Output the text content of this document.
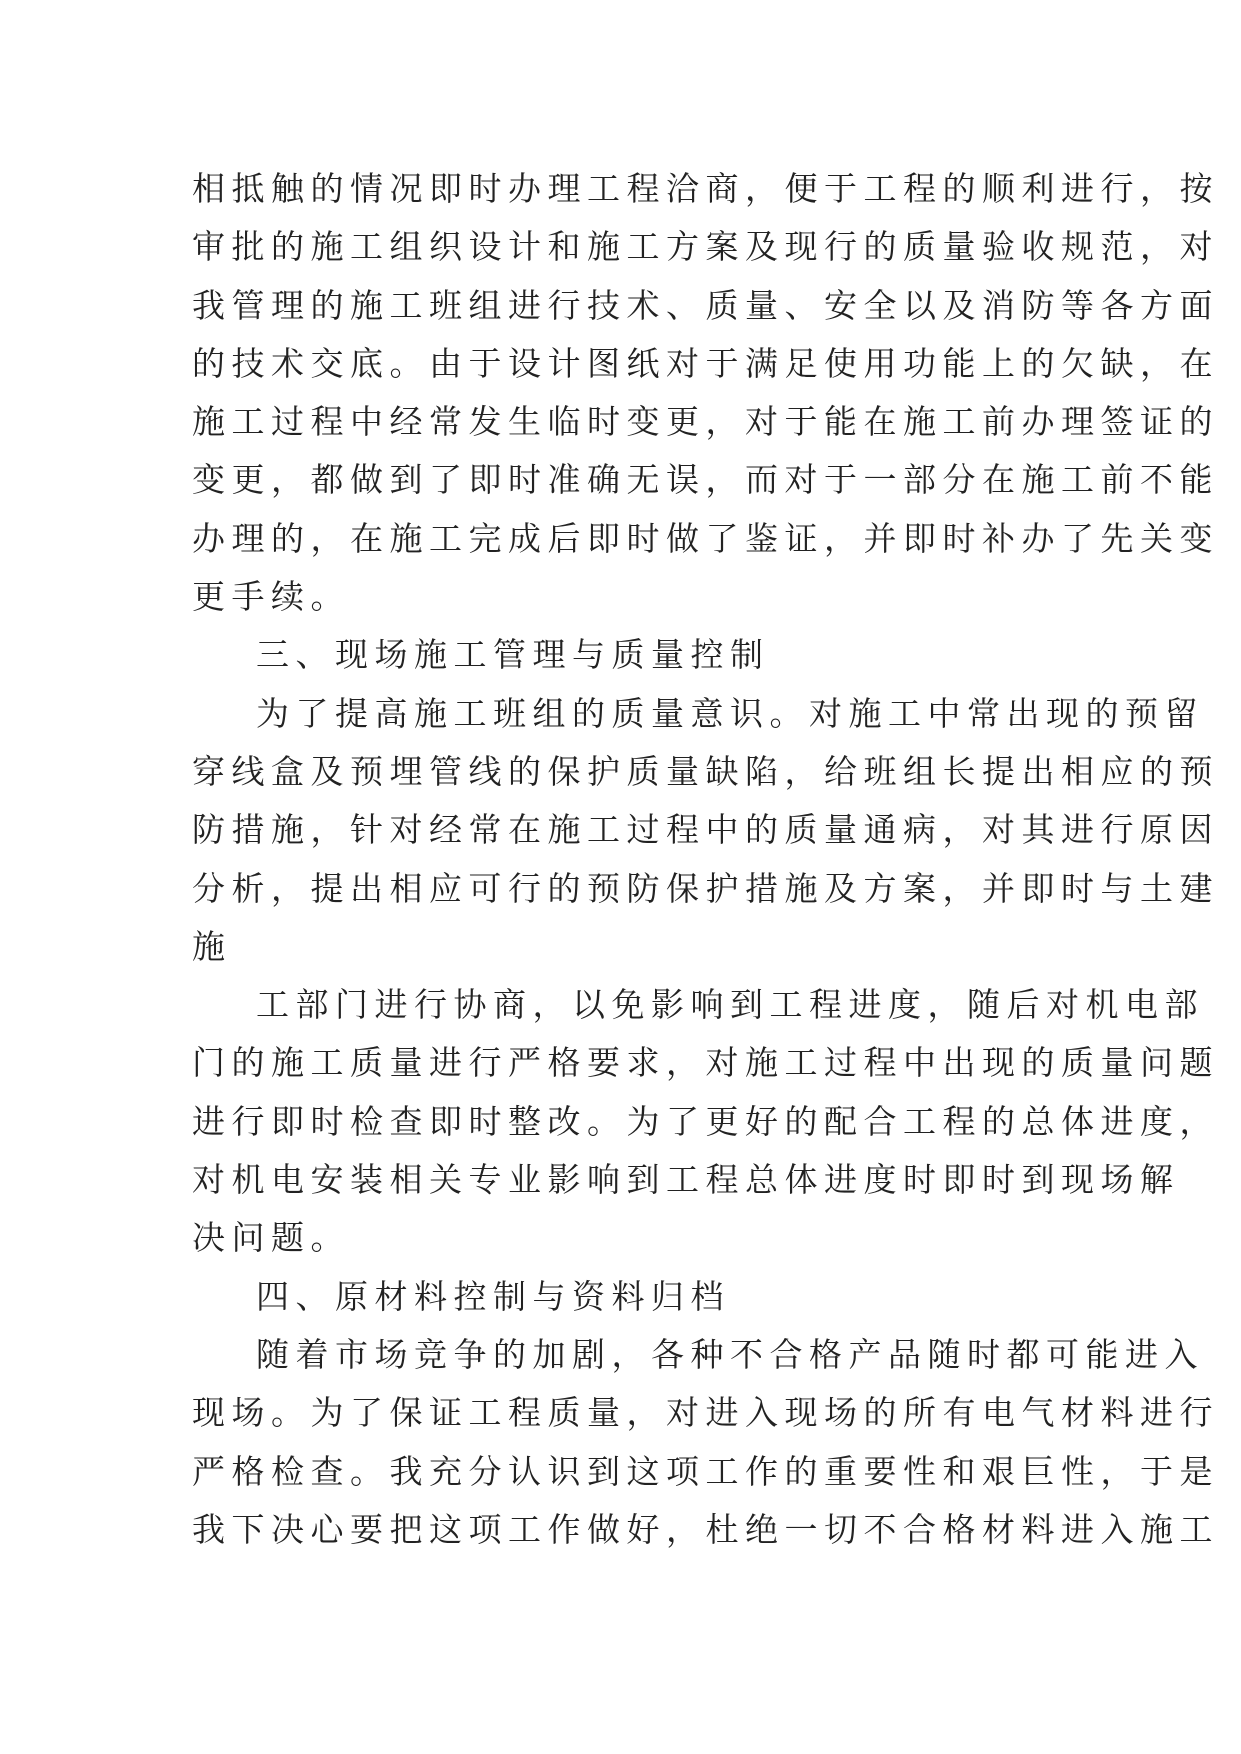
相抵触的情况即时办理工程洽商，便于工程的顺利进行，按
审批的施工组织设计和施工方案及现行的质量验收规范，对
我管理的施工班组进行技术、质量、安全以及消防等各方面
的技术交底。由于设计图纸对于满足使用功能上的欠缺，在
施工过程中经常发生临时变更，对于能在施工前办理签证的
变更，都做到了即时准确无误，而对于一部分在施工前不能
办理的，在施工完成后即时做了鉴证，并即时补办了先关变
更手续。
三、现场施工管理与质量控制
为了提高施工班组的质量意识。对施工中常出现的预留
穿线盒及预埋管线的保护质量缺陷，给班组长提出相应的预
防措施，针对经常在施工过程中的质量通病，对其进行原因
分析，提出相应可行的预防保护措施及方案，并即时与土建
施
工部门进行协商，以免影响到工程进度，随后对机电部
门的施工质量进行严格要求，对施工过程中出现的质量问题
进行即时检查即时整改。为了更好的配合工程的总体进度，
对机电安装相关专业影响到工程总体进度时即时到现场解
决问题。
四、原材料控制与资料归档
随着市场竞争的加剧，各种不合格产品随时都可能进入
现场。为了保证工程质量，对进入现场的所有电气材料进行
严格检查。我充分认识到这项工作的重要性和艰巨性，于是
我下决心要把这项工作做好，杜绝一切不合格材料进入施工
